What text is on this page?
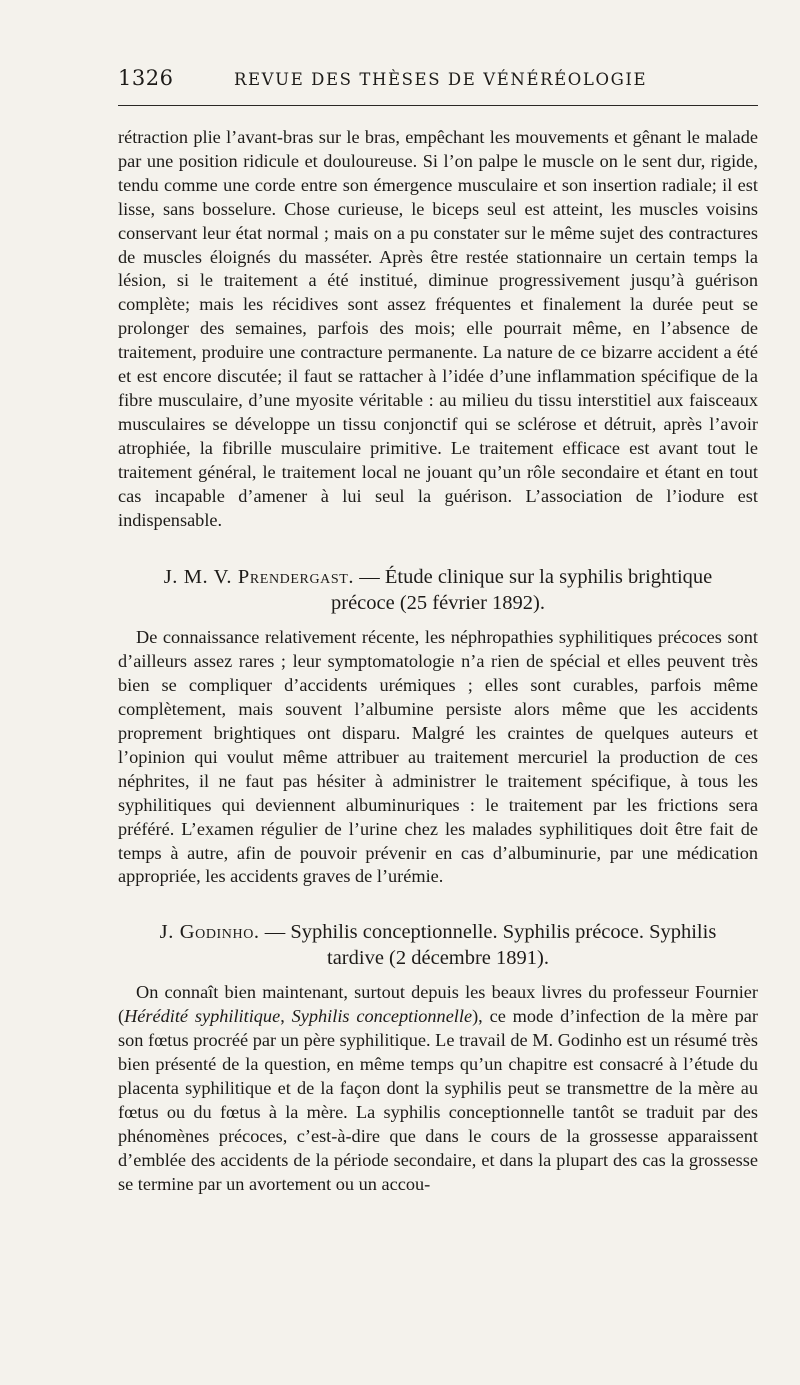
1326	REVUE DES THÈSES DE VÉNÉRÉOLOGIE

rétraction plie l’avant-bras sur le bras, empêchant les mouvements et gênant le malade par une position ridicule et douloureuse. Si l’on palpe le muscle on le sent dur, rigide, tendu comme une corde entre son émergence musculaire et son insertion radiale; il est lisse, sans bosselure. Chose curieuse, le biceps seul est atteint, les muscles voisins conservant leur état normal ; mais on a pu constater sur le même sujet des contractures de muscles éloignés du masséter. Après être restée stationnaire un certain temps la lésion, si le traitement a été institué, diminue progressivement jusqu’à guérison complète; mais les récidives sont assez fréquentes et finalement la durée peut se prolonger des semaines, parfois des mois; elle pourrait même, en l’absence de traitement, produire une contracture permanente. La nature de ce bizarre accident a été et est encore discutée; il faut se rattacher à l’idée d’une inflammation spécifique de la fibre musculaire, d’une myosite véritable : au milieu du tissu interstitiel aux faisceaux musculaires se développe un tissu conjonctif qui se sclérose et détruit, après l’avoir atrophiée, la fibrille musculaire primitive. Le traitement efficace est avant tout le traitement général, le traitement local ne jouant qu’un rôle secondaire et étant en tout cas incapable d’amener à lui seul la guérison. L’association de l’iodure est indispensable.

J. M. V. Prendergast. — Étude clinique sur la syphilis brightique
précoce (25 février 1892).

De connaissance relativement récente, les néphropathies syphilitiques précoces sont d’ailleurs assez rares ; leur symptomatologie n’a rien de spécial et elles peuvent très bien se compliquer d’accidents urémiques ; elles sont curables, parfois même complètement, mais souvent l’albumine persiste alors même que les accidents proprement brightiques ont disparu. Malgré les craintes de quelques auteurs et l’opinion qui voulut même attribuer au traitement mercuriel la production de ces néphrites, il ne faut pas hésiter à administrer le traitement spécifique, à tous les syphilitiques qui deviennent albuminuriques : le traitement par les frictions sera préféré. L’examen régulier de l’urine chez les malades syphilitiques doit être fait de temps à autre, afin de pouvoir prévenir en cas d’albuminurie, par une médication appropriée, les accidents graves de l’urémie.

J. Godinho. — Syphilis conceptionnelle. Syphilis précoce. Syphilis
tardive (2 décembre 1891).

On connaît bien maintenant, surtout depuis les beaux livres du professeur Fournier (Hérédité syphilitique, Syphilis conceptionnelle), ce mode d’infection de la mère par son fœtus procréé par un père syphilitique. Le travail de M. Godinho est un résumé très bien présenté de la question, en même temps qu’un chapitre est consacré à l’étude du placenta syphilitique et de la façon dont la syphilis peut se transmettre de la mère au fœtus ou du fœtus à la mère. La syphilis conceptionnelle tantôt se traduit par des phénomènes précoces, c’est-à-dire que dans le cours de la grossesse apparaissent d’emblée des accidents de la période secondaire, et dans la plupart des cas la grossesse se termine par un avortement ou un accou-
